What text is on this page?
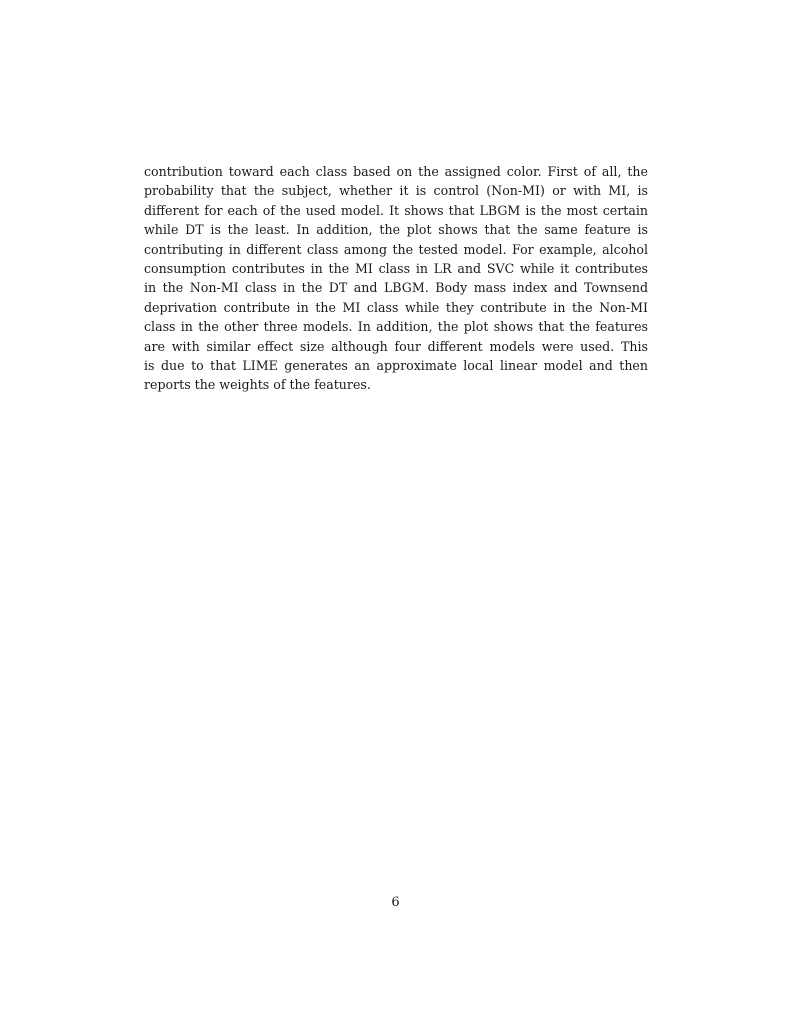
contribution toward each class based on the assigned color. First of all, the
probability that the subject, whether it is control (Non-MI) or with MI, is
different for each of the used model. It shows that LBGM is the most certain
while DT is the least. In addition, the plot shows that the same feature is
contributing in different class among the tested model. For example, alcohol
consumption contributes in the MI class in LR and SVC while it contributes
in the Non-MI class in the DT and LBGM. Body mass index and Townsend
deprivation contribute in the MI class while they contribute in the Non-MI
class in the other three models. In addition, the plot shows that the features
are with similar effect size although four different models were used. This
is due to that LIME generates an approximate local linear model and then
reports the weights of the features.
6
